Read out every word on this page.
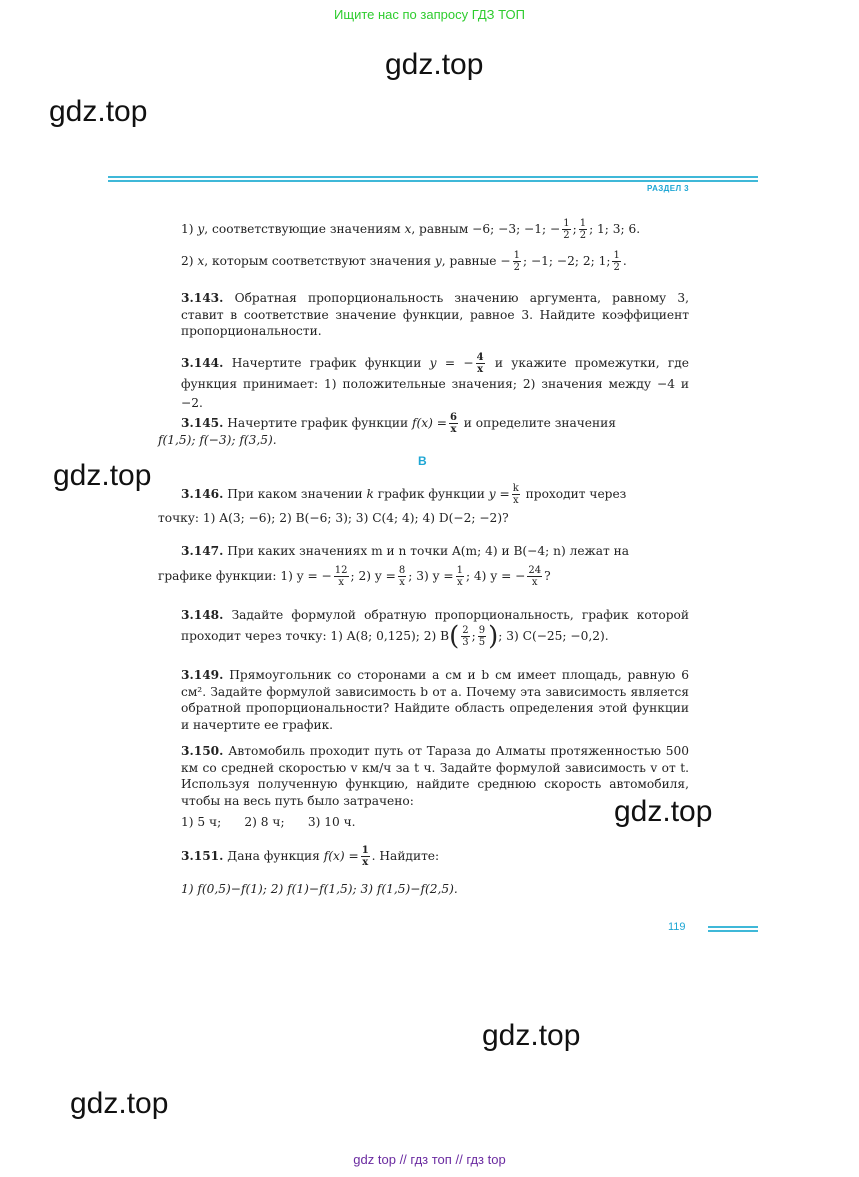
Ищите нас по запросу ГДЗ ТОП
gdz.top
gdz.top
gdz.top
gdz.top
gdz.top
gdz.top
РАЗДЕЛ 3
1) y, соответствующие значениям x, равным −6; −3; −1; − $\frac{1}{2}$ ; $\frac{1}{2}$ ; 1; 3; 6.
2) x, которым соответствуют значения y, равные − $\frac{1}{2}$ ; −1; −2; 2; 1; $\frac{1}{2}$ .
3.143. Обратная пропорциональность значению аргумента, равному 3, ставит в соответствие значение функции, равное 3. Найдите коэффициент пропорциональности.
3.144. Начертите график функции y = − $\frac{4}{x}$ и укажите промежутки, где функция принимает: 1) положительные значения; 2) значения между −4 и −2.
3.145. Начертите график функции $f(x) = \frac{6}{x}$ и определите значения
f(1,5); f(−3); f(3,5).
B
3.146. При каком значении k график функции $y = \frac{k}{x}$ проходит через
точку: 1) A(3; −6); 2) B(−6; 3); 3) C(4; 4); 4) D(−2; −2)?
3.147. При каких значениях m и n точки A(m; 4) и B(−4; n) лежат на
графике функции: 1) y = − $\frac{12}{x}$ ; 2) $y = \frac{8}{x}$ ; 3) $y = \frac{1}{x}$ ; 4) y = − $\frac{24}{x}$ ?
3.148. Задайте формулой обратную пропорциональность, график которой проходит через точку: 1) A(8; 0,125); 2) $B( \frac{2}{3}$ ; $\frac{9}{5}$ ); 3) C(−25; −0,2).
3.149. Прямоугольник со сторонами a см и b см имеет площадь, равную 6 см². Задайте формулой зависимость b от a. Почему эта зависимость является обратной пропорциональности? Найдите область определения этой функции и начертите ее график.
3.150. Автомобиль проходит путь от Тараза до Алматы протяженностью 500 км со средней скоростью v км/ч за t ч. Задайте формулой зависимость v от t. Используя полученную функцию, найдите среднюю скорость автомобиля, чтобы на весь путь было затрачено:
1) 5 ч;      2) 8 ч;      3) 10 ч.
3.151. Дана функция $f(x) = \frac{1}{x}$ . Найдите:
1) f(0,5)−f(1); 2) f(1)−f(1,5); 3) f(1,5)−f(2,5).
119
gdz top // гдз топ // гдз top
